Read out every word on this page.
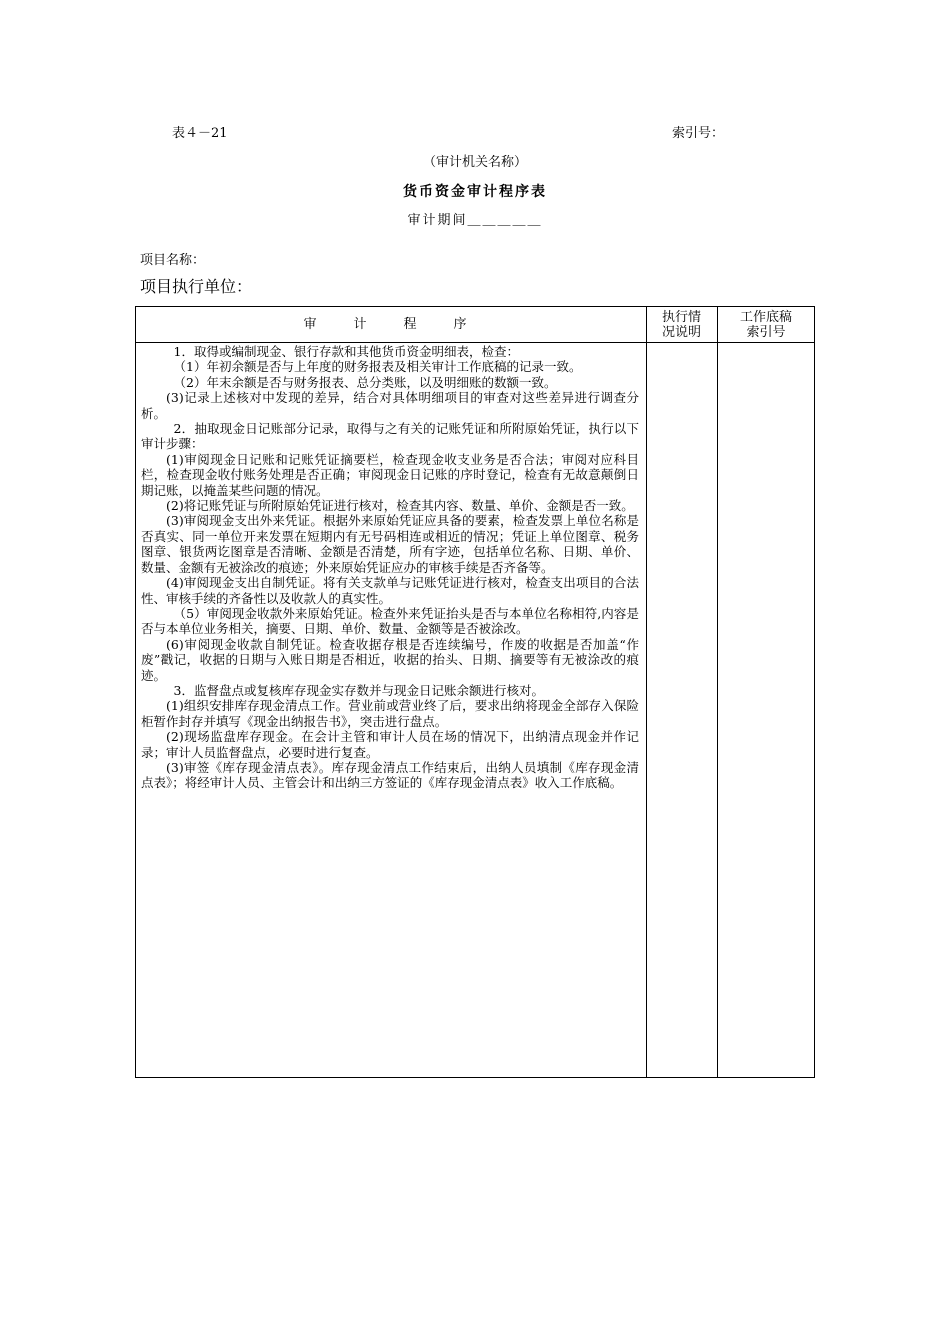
表４－21	索引号：
（审计机关名称）
货币资金审计程序表
审计期间＿＿＿＿＿
项目名称：
项目执行单位：
审　计　程　序	执行情
况说明
工作底稿
索引号

1．取得或编制现金、银行存款和其他货币资金明细表，检查：

（1）年初余额是否与上年度的财务报表及相关审计工作底稿的记录一致。

（2）年末余额是否与财务报表、总分类账，以及明细账的数额一致。

(3)记录上述核对中发现的差异，结合对具体明细项目的审查对这些差异进行调查分析。

2．抽取现金日记账部分记录，取得与之有关的记账凭证和所附原始凭证，执行以下审计步骤：

(1)审阅现金日记账和记账凭证摘要栏，检查现金收支业务是否合法；审阅对应科目栏，检查现金收付账务处理是否正确；审阅现金日记账的序时登记，检查有无故意颠倒日期记账，以掩盖某些问题的情况。

(2)将记账凭证与所附原始凭证进行核对，检查其内容、数量、单价、金额是否一致。

(3)审阅现金支出外来凭证。根据外来原始凭证应具备的要素，检查发票上单位名称是否真实、同一单位开来发票在短期内有无号码相连或相近的情况；凭证上单位图章、税务图章、银货两讫图章是否清晰、金额是否清楚，所有字迹，包括单位名称、日期、单价、数量、金额有无被涂改的痕迹；外来原始凭证应办的审核手续是否齐备等。

(4)审阅现金支出自制凭证。将有关支款单与记账凭证进行核对，检查支出项目的合法性、审核手续的齐备性以及收款人的真实性。

（5）审阅现金收款外来原始凭证。检查外来凭证抬头是否与本单位名称相符,内容是否与本单位业务相关，摘要、日期、单价、数量、金额等是否被涂改。

(6)审阅现金收款自制凭证。检查收据存根是否连续编号，作废的收据是否加盖“作废”戳记，收据的日期与入账日期是否相近，收据的抬头、日期、摘要等有无被涂改的痕迹。

3．监督盘点或复核库存现金实存数并与现金日记账余额进行核对。

(1)组织安排库存现金清点工作。营业前或营业终了后，要求出纳将现金全部存入保险柜暂作封存并填写《现金出纳报告书》，突击进行盘点。

(2)现场监盘库存现金。在会计主管和审计人员在场的情况下，出纳清点现金并作记录；审计人员监督盘点，必要时进行复查。

(3)审签《库存现金清点表》。库存现金清点工作结束后，出纳人员填制《库存现金清点表》；将经审计人员、主管会计和出纳三方签证的《库存现金清点表》收入工作底稿。
